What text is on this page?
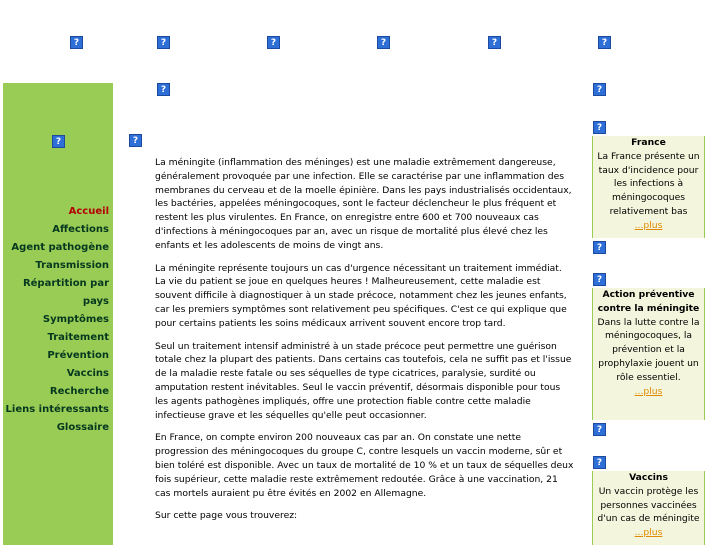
?	?	?	?	?	?
?	?
?	?
Accueil
Affections
Agent pathogène
Transmission
Répartition par pays
Symptômes
Traitement
Prévention
Vaccins
Recherche
Liens intéressants
Glossaire

La méningite (inflammation des méninges) est une maladie extrêmement dangereuse, généralement provoquée par une infection. Elle se caractérise par une inflammation des membranes du cerveau et de la moelle épinière. Dans les pays industrialisés occidentaux, les bactéries, appelées méningocoques, sont le facteur déclencheur le plus fréquent et restent les plus virulentes. En France, on enregistre entre 600 et 700 nouveaux cas d'infections à méningocoques par an, avec un risque de mortalité plus élevé chez les enfants et les adolescents de moins de vingt ans.

La méningite représente toujours un cas d'urgence nécessitant un traitement immédiat. La vie du patient se joue en quelques heures ! Malheureusement, cette maladie est souvent difficile à diagnostiquer à un stade précoce, notamment chez les jeunes enfants, car les premiers symptômes sont relativement peu spécifiques. C'est ce qui explique que pour certains patients les soins médicaux arrivent souvent encore trop tard.

Seul un traitement intensif administré à un stade précoce peut permettre une guérison totale chez la plupart des patients. Dans certains cas toutefois, cela ne suffit pas et l'issue de la maladie reste fatale ou ses séquelles de type cicatrices, paralysie, surdité ou amputation restent inévitables. Seul le vaccin préventif, désormais disponible pour tous les agents pathogènes impliqués, offre une protection fiable contre cette maladie infectieuse grave et les séquelles qu'elle peut occasionner.

En France, on compte environ 200 nouveaux cas par an. On constate une nette progression des méningocoques du groupe C, contre lesquels un vaccin moderne, sûr et bien toléré est disponible. Avec un taux de mortalité de 10 % et un taux de séquelles deux fois supérieur, cette maladie reste extrêmement redoutée. Grâce à une vaccination, 21 cas mortels auraient pu être évités en 2002 en Allemagne.

Sur cette page vous trouverez:

?
France
La France présente un taux d'incidence pour les infections à méningocoques relativement bas
...plus
?
?
Action préventive contre la méningite
Dans la lutte contre la méningocoques, la prévention et la prophylaxie jouent un rôle essentiel.
...plus
?
?
Vaccins
Un vaccin protège les personnes vaccinées d'un cas de méningite
...plus
